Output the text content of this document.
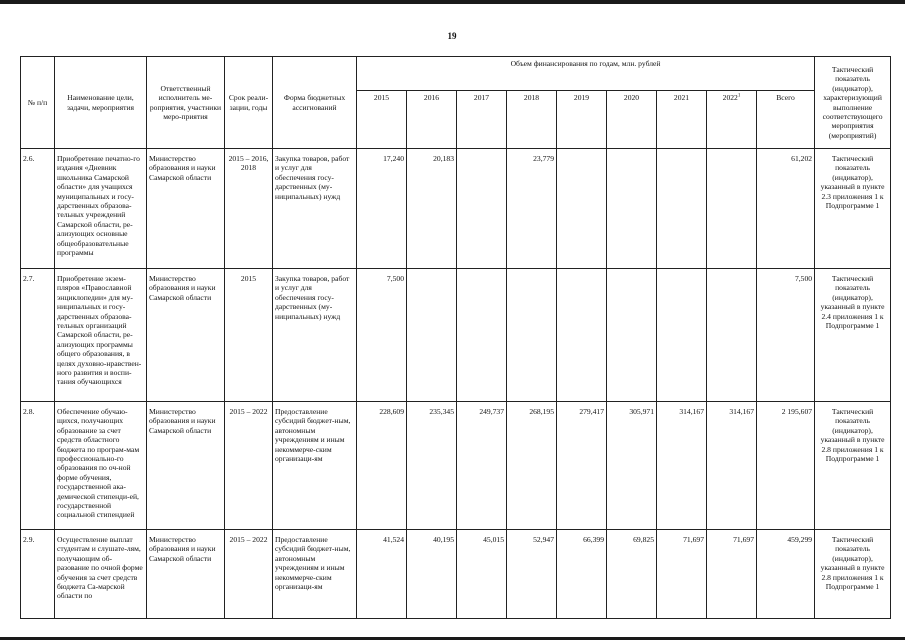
19
№ п/п	Наименование цели, задачи, мероприятия	Ответственный исполнитель ме-роприятия, участники меро-приятия	Срок реали-зации, годы	Форма бюджетных ассигнований	Объем финансирования по годам, млн. рублей									Тактический показатель (индикатор), характеризующий выполнение соответствующего мероприятия (мероприятий)
					2015	2016	2017	2018	2019	2020	2021	2022$^1$	Всего	
2.6.	Приобретение печатно-го издания «Дневник школьника Самарской области» для учащихся муниципальных и госу-дарственных образова-тельных учреждений Самарской области, ре-ализующих основные общеобразовательные программы	Министерство образования и науки Самарской области	2015 – 2016, 2018	Закупка товаров, работ и услуг для обеспечения госу-дарственных (му-ниципальных) нужд	17,240	20,183		23,779					61,202	Тактический показатель (индикатор), указанный в пункте 2.3 приложения 1 к Подпрограмме 1
2.7.	Приобретение экзем-пляров «Православной энциклопедии» для му-ниципальных и госу-дарственных образова-тельных организаций Самарской области, ре-ализующих программы общего образования, в целях духовно-нравствен-ного развития и воспи-тания обучающихся	Министерство образования и науки Самарской области	2015	Закупка товаров, работ и услуг для обеспечения госу-дарственных (му-ниципальных) нужд	7,500								7,500	Тактический показатель (индикатор), указанный в пункте 2.4 приложения 1 к Подпрограмме 1
2.8.	Обеспечение обучаю-щихся, получающих образование за счет средств областного бюджета по програм-мам профессионально-го образования по оч-ной форме обучения, государственной ака-демической стипенди-ей, государственной социальной стипендией	Министерство образования и науки Самарской области	2015 – 2022	Предоставление субсидий бюджет-ным, автономным учреждениям и иным некоммерче-ским организаци-ям	228,609	235,345	249,737	268,195	279,417	305,971	314,167	314,167	2 195,607	Тактический показатель (индикатор), указанный в пункте 2.8 приложения 1 к Подпрограмме 1
2.9.	Осуществление выплат студентам и слушате-лям, получающим об-разование по очной форме обучения за счет средств бюджета Са-марской области по	Министерство образования и науки Самарской области	2015 – 2022	Предоставление субсидий бюджет-ным, автономным учреждениям и иным некоммерче-ским организаци-ям	41,524	40,195	45,015	52,947	66,399	69,825	71,697	71,697	459,299	Тактический показатель (индикатор), указанный в пункте 2.8 приложения 1 к Подпрограмме 1
